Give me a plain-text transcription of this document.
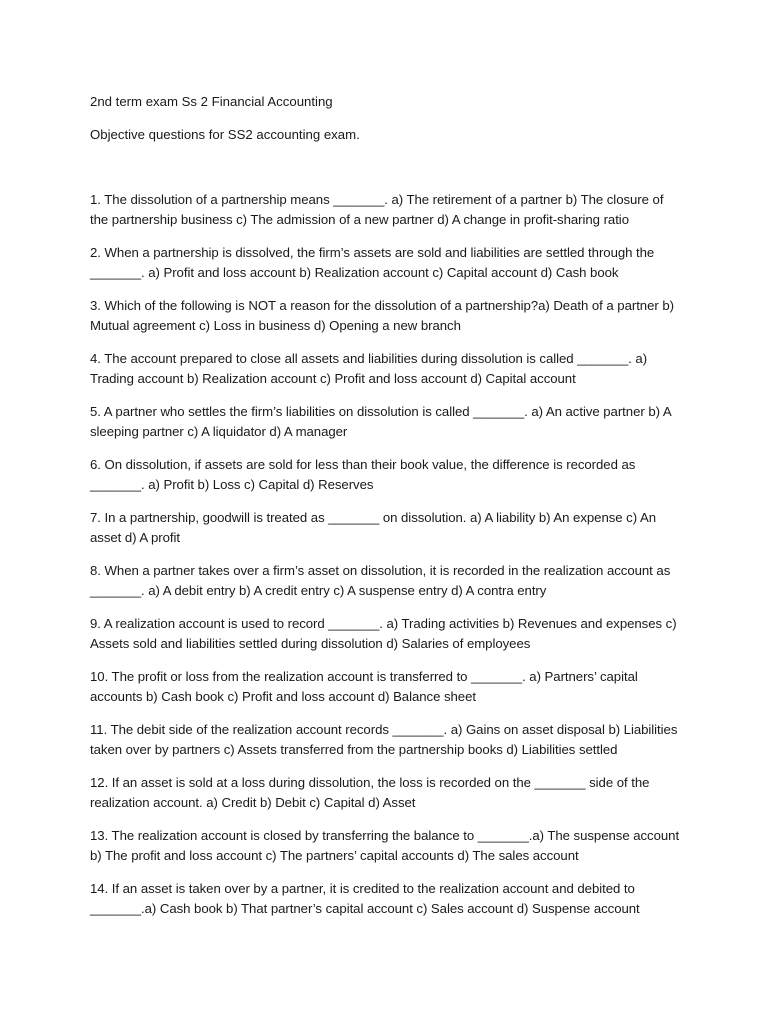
2nd term exam Ss 2 Financial Accounting
Objective questions for SS2 accounting exam.
1. The dissolution of a partnership means _______. a) The retirement of a partner b) The closure of the partnership business c) The admission of a new partner d) A change in profit-sharing ratio
2. When a partnership is dissolved, the firm’s assets are sold and liabilities are settled through the _______. a) Profit and loss account b) Realization account c) Capital account d) Cash book
3. Which of the following is NOT a reason for the dissolution of a partnership?a) Death of a partner b) Mutual agreement c) Loss in business d) Opening a new branch
4. The account prepared to close all assets and liabilities during dissolution is called _______. a) Trading account b) Realization account c) Profit and loss account d) Capital account
5. A partner who settles the firm’s liabilities on dissolution is called _______. a) An active partner b) A sleeping partner c) A liquidator d) A manager
6. On dissolution, if assets are sold for less than their book value, the difference is recorded as _______. a) Profit b) Loss c) Capital d) Reserves
7. In a partnership, goodwill is treated as _______ on dissolution. a) A liability b) An expense c) An asset d) A profit
8. When a partner takes over a firm’s asset on dissolution, it is recorded in the realization account as _______. a) A debit entry b) A credit entry c) A suspense entry d) A contra entry
9. A realization account is used to record _______. a) Trading activities b) Revenues and expenses c) Assets sold and liabilities settled during dissolution d) Salaries of employees
10. The profit or loss from the realization account is transferred to _______. a) Partners’ capital accounts b) Cash book c) Profit and loss account d) Balance sheet
11. The debit side of the realization account records _______. a) Gains on asset disposal b) Liabilities taken over by partners c) Assets transferred from the partnership books d) Liabilities settled
12. If an asset is sold at a loss during dissolution, the loss is recorded on the _______ side of the realization account. a) Credit b) Debit c) Capital d) Asset
13. The realization account is closed by transferring the balance to _______.a) The suspense account b) The profit and loss account c) The partners’ capital accounts d) The sales account
14. If an asset is taken over by a partner, it is credited to the realization account and debited to _______.a) Cash book b) That partner’s capital account c) Sales account d) Suspense account
